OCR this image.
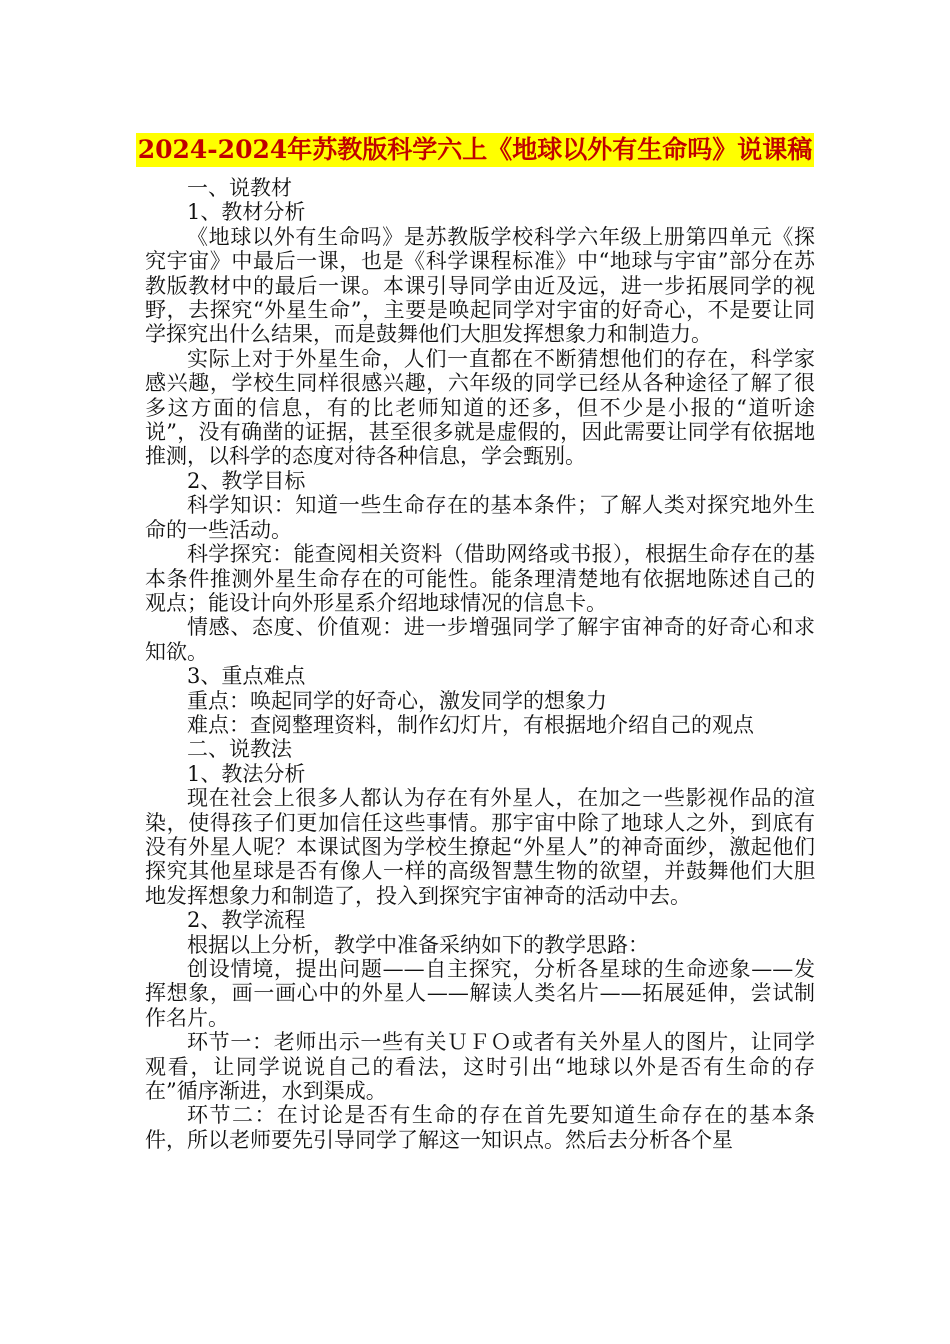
2024-2024年苏教版科学六上《地球以外有生命吗》说课稿

一、说教材

1、教材分析

《地球以外有生命吗》是苏教版学校科学六年级上册第四单元《探究宇宙》中最后一课，也是《科学课程标准》中“地球与宇宙”部分在苏教版教材中的最后一课。本课引导同学由近及远，进一步拓展同学的视野，去探究“外星生命”，主要是唤起同学对宇宙的好奇心，不是要让同学探究出什么结果，而是鼓舞他们大胆发挥想象力和制造力。

实际上对于外星生命，人们一直都在不断猜想他们的存在，科学家感兴趣，学校生同样很感兴趣，六年级的同学已经从各种途径了解了很多这方面的信息，有的比老师知道的还多，但不少是小报的“道听途说”，没有确凿的证据，甚至很多就是虚假的，因此需要让同学有依据地推测，以科学的态度对待各种信息，学会甄别。

2、教学目标

科学知识：知道一些生命存在的基本条件；了解人类对探究地外生命的一些活动。

科学探究：能查阅相关资料（借助网络或书报），根据生命存在的基本条件推测外星生命存在的可能性。能条理清楚地有依据地陈述自己的观点；能设计向外形星系介绍地球情况的信息卡。

情感、态度、价值观：进一步增强同学了解宇宙神奇的好奇心和求知欲。

3、重点难点

重点：唤起同学的好奇心，激发同学的想象力

难点：查阅整理资料，制作幻灯片，有根据地介绍自己的观点

二、说教法

1、教法分析

现在社会上很多人都认为存在有外星人，在加之一些影视作品的渲染，使得孩子们更加信任这些事情。那宇宙中除了地球人之外，到底有没有外星人呢？本课试图为学校生撩起“外星人”的神奇面纱，激起他们探究其他星球是否有像人一样的高级智慧生物的欲望，并鼓舞他们大胆地发挥想象力和制造了，投入到探究宇宙神奇的活动中去。

2、教学流程

根据以上分析，教学中准备采纳如下的教学思路：

创设情境，提出问题——自主探究，分析各星球的生命迹象——发挥想象，画一画心中的外星人——解读人类名片——拓展延伸，尝试制作名片。

环节一：老师出示一些有关ＵＦＯ或者有关外星人的图片，让同学观看，让同学说说自己的看法，这时引出“地球以外是否有生命的存在”循序渐进，水到渠成。

环节二：在讨论是否有生命的存在首先要知道生命存在的基本条件，所以老师要先引导同学了解这一知识点。然后去分析各个星
